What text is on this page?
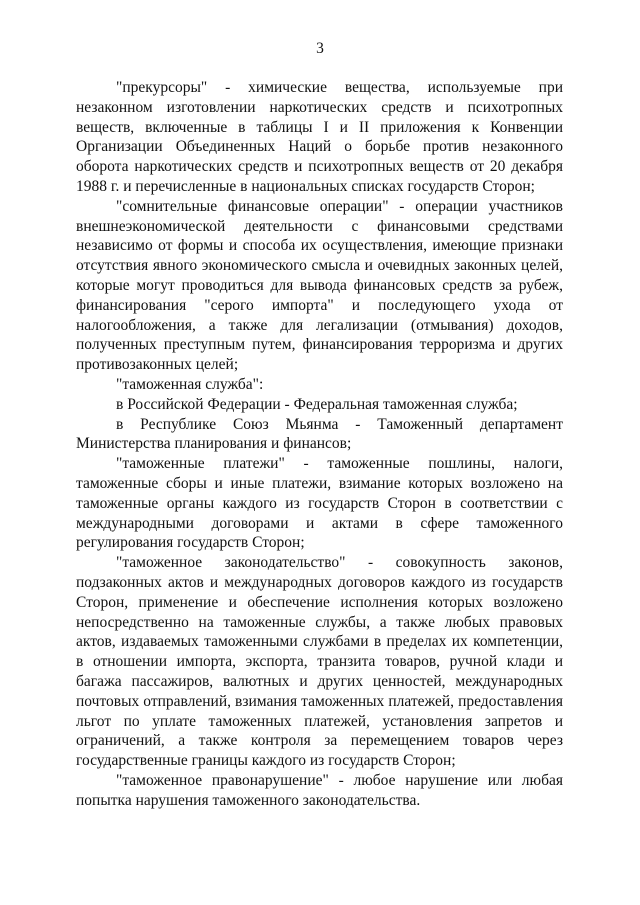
3

"прекурсоры" - химические вещества, используемые при незаконном изготовлении наркотических средств и психотропных веществ, включенные в таблицы I и II приложения к Конвенции Организации Объединенных Наций о борьбе против незаконного оборота наркотических средств и психотропных веществ от 20 декабря 1988 г. и перечисленные в национальных списках государств Сторон;

"сомнительные финансовые операции" - операции участников внешнеэкономической деятельности с финансовыми средствами независимо от формы и способа их осуществления, имеющие признаки отсутствия явного экономического смысла и очевидных законных целей, которые могут проводиться для вывода финансовых средств за рубеж, финансирования "серого импорта" и последующего ухода от налогообложения, а также для легализации (отмывания) доходов, полученных преступным путем, финансирования терроризма и других противозаконных целей;

"таможенная служба":

в Российской Федерации - Федеральная таможенная служба;

в Республике Союз Мьянма - Таможенный департамент Министерства планирования и финансов;

"таможенные платежи" - таможенные пошлины, налоги, таможенные сборы и иные платежи, взимание которых возложено на таможенные органы каждого из государств Сторон в соответствии с международными договорами и актами в сфере таможенного регулирования государств Сторон;

"таможенное законодательство" - совокупность законов, подзаконных актов и международных договоров каждого из государств Сторон, применение и обеспечение исполнения которых возложено непосредственно на таможенные службы, а также любых правовых актов, издаваемых таможенными службами в пределах их компетенции, в отношении импорта, экспорта, транзита товаров, ручной клади и багажа пассажиров, валютных и других ценностей, международных почтовых отправлений, взимания таможенных платежей, предоставления льгот по уплате таможенных платежей, установления запретов и ограничений, а также контроля за перемещением товаров через государственные границы каждого из государств Сторон;

"таможенное правонарушение" - любое нарушение или любая попытка нарушения таможенного законодательства.
